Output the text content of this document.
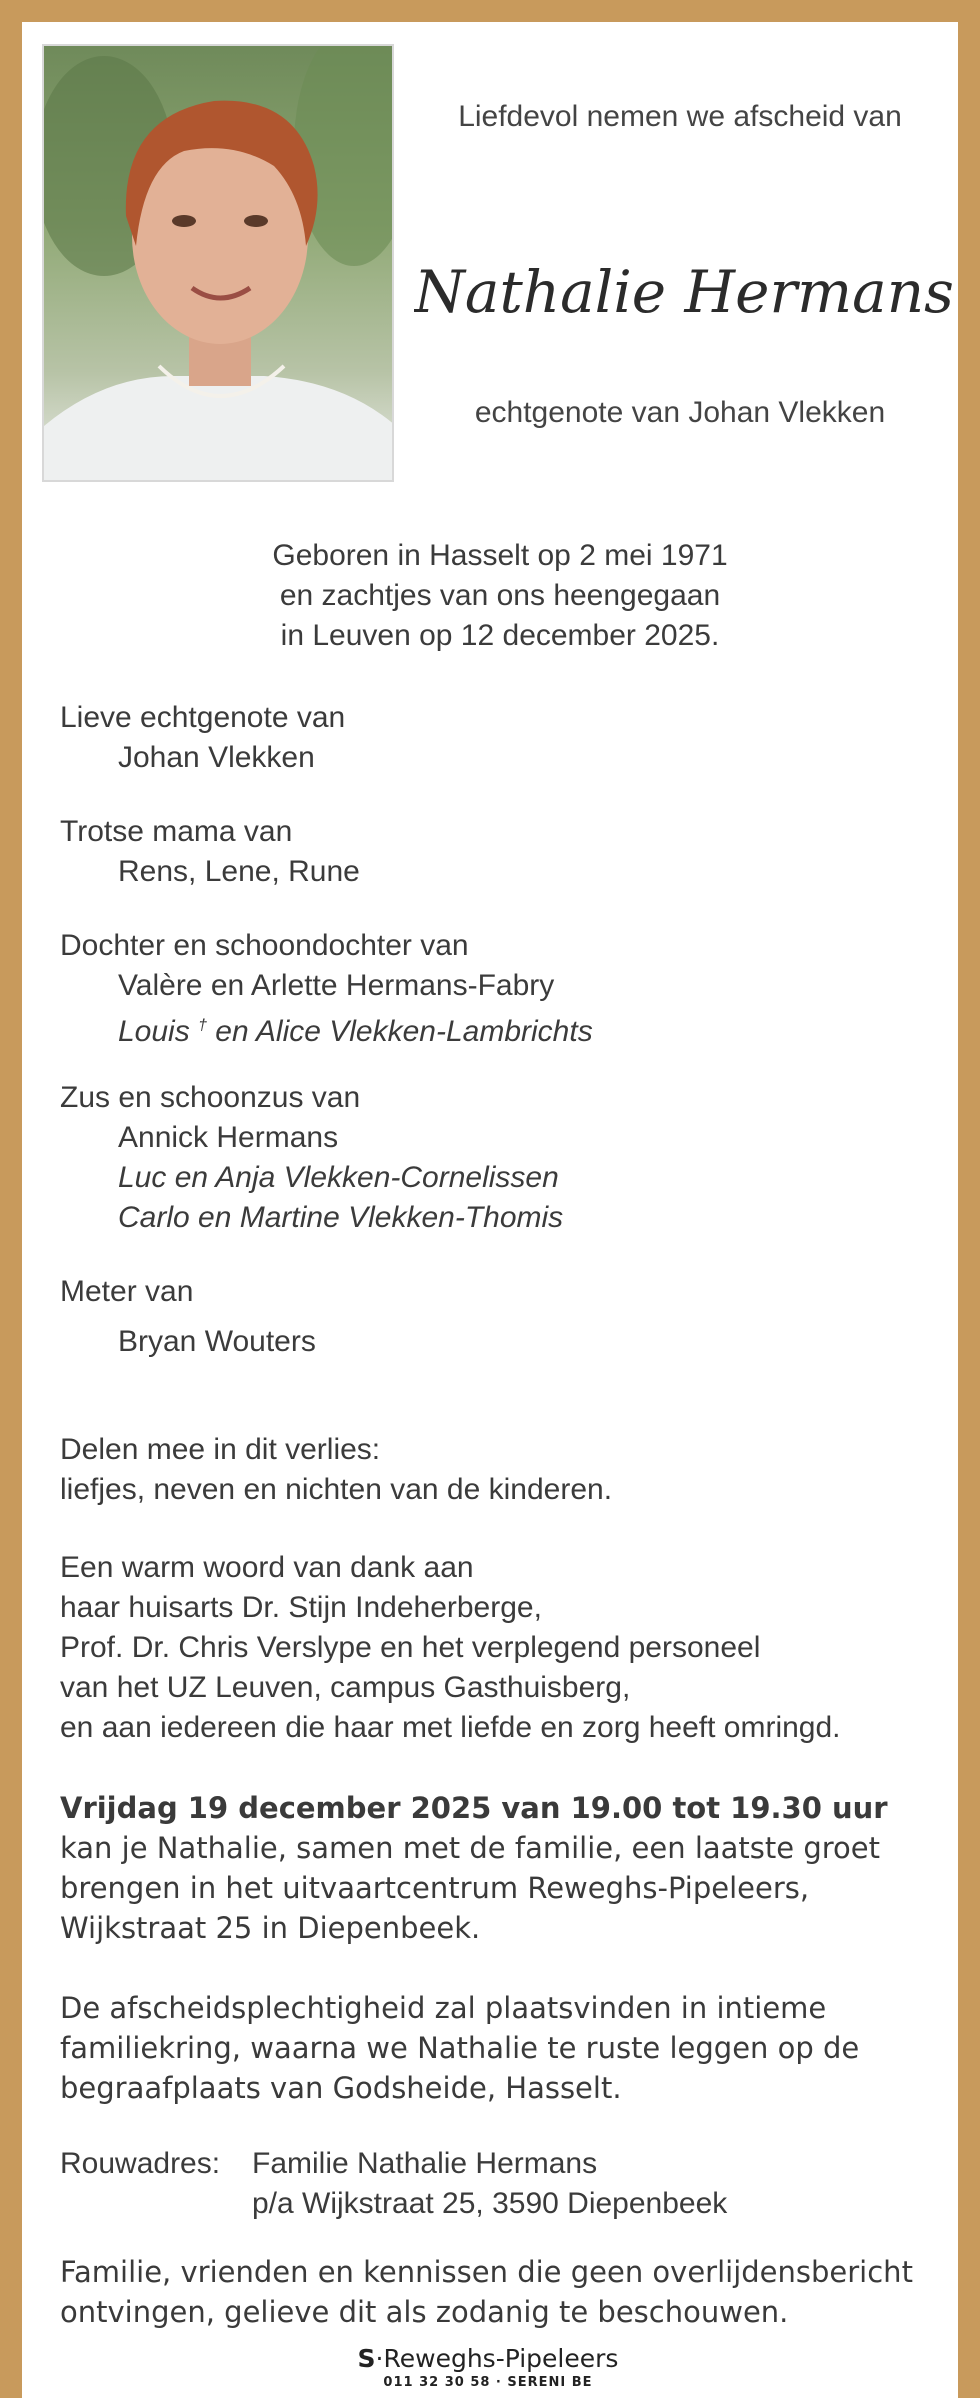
Liefdevol nemen we afscheid van
Nathalie Hermans
echtgenote van Johan Vlekken
Geboren in Hasselt op 2 mei 1971
en zachtjes van ons heengegaan
in Leuven op 12 december 2025.
Lieve echtgenote van
Johan Vlekken
Trotse mama van
Rens, Lene, Rune
Dochter en schoondochter van
Valère en Arlette Hermans-Fabry
Louis † en Alice Vlekken-Lambrichts
Zus en schoonzus van
Annick Hermans
Luc en Anja Vlekken-Cornelissen
Carlo en Martine Vlekken-Thomis
Meter van
Bryan Wouters
Delen mee in dit verlies:
liefjes, neven en nichten van de kinderen.
Een warm woord van dank aan
haar huisarts Dr. Stijn Indeherberge,
Prof. Dr. Chris Verslype en het verplegend personeel
van het UZ Leuven, campus Gasthuisberg,
en aan iedereen die haar met liefde en zorg heeft omringd.
Vrijdag 19 december 2025 van 19.00 tot 19.30 uur
kan je Nathalie, samen met de familie, een laatste groet
brengen in het uitvaartcentrum Reweghs-Pipeleers,
Wijkstraat 25 in Diepenbeek.
De afscheidsplechtigheid zal plaatsvinden in intieme
familiekring, waarna we Nathalie te ruste leggen op de
begraafplaats van Godsheide, Hasselt.
Rouwadres: Familie Nathalie Hermans
p/a Wijkstraat 25, 3590 Diepenbeek
Familie, vrienden en kennissen die geen overlijdensbericht
ontvingen, gelieve dit als zodanig te beschouwen.
S·Reweghs-Pipeleers
011 32 30 58 · SERENI BE
